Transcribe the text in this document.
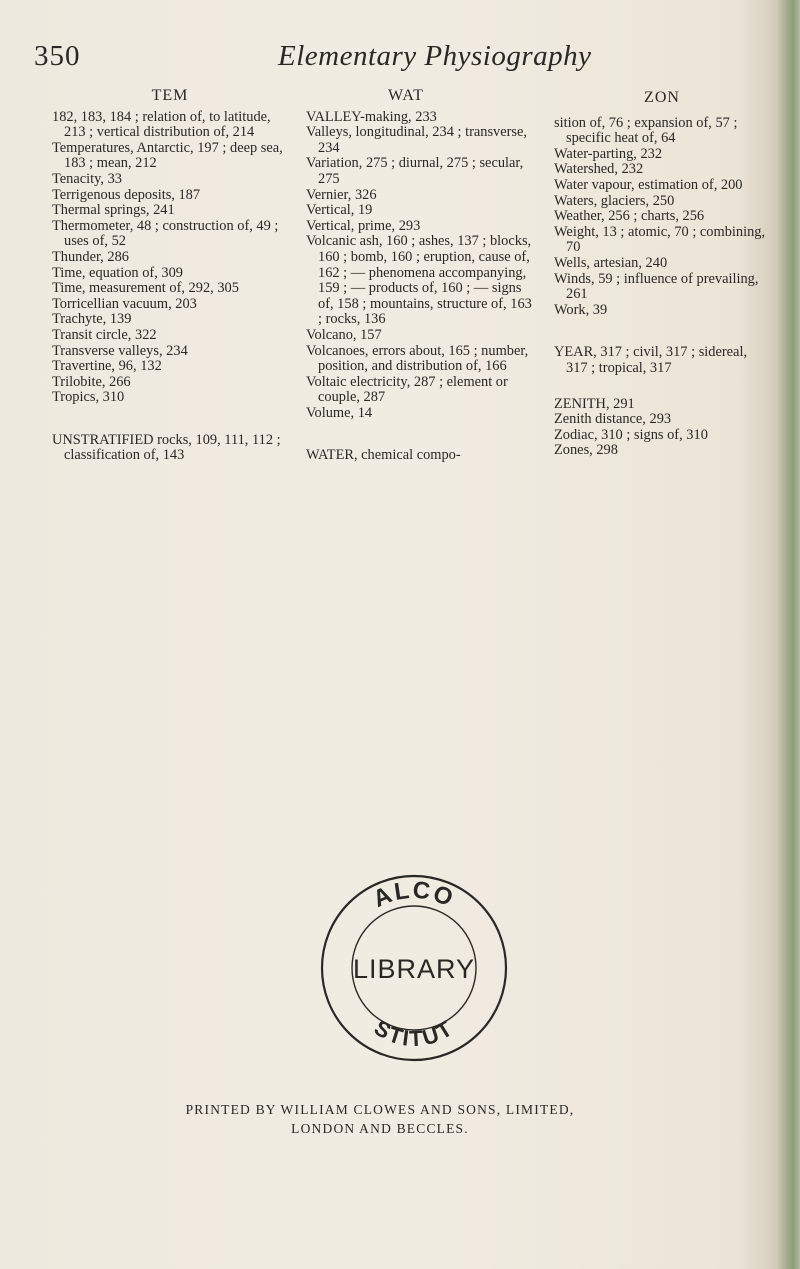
350	Elementary Physiography
TEM

182, 183, 184 ; relation of, to latitude, 213 ; vertical distribution of, 214

Temperatures, Antarctic, 197 ; deep sea, 183 ; mean, 212

Tenacity, 33

Terrigenous deposits, 187

Thermal springs, 241

Thermometer, 48 ; construction of, 49 ; uses of, 52

Thunder, 286

Time, equation of, 309

Time, measurement of, 292, 305

Torricellian vacuum, 203

Trachyte, 139

Transit circle, 322

Transverse valleys, 234

Travertine, 96, 132

Trilobite, 266

Tropics, 310

UNSTRATIFIED rocks, 109, 111, 112 ; classification of, 143

WAT

VALLEY-making, 233

Valleys, longitudinal, 234 ; transverse, 234

Variation, 275 ; diurnal, 275 ; secular, 275

Vernier, 326

Vertical, 19

Vertical, prime, 293

Volcanic ash, 160 ; ashes, 137 ; blocks, 160 ; bomb, 160 ; eruption, cause of, 162 ; — phenomena accompanying, 159 ; — products of, 160 ; — signs of, 158 ; mountains, structure of, 163 ; rocks, 136

Volcano, 157

Volcanoes, errors about, 165 ; number, position, and distribution of, 166

Voltaic electricity, 287 ; element or couple, 287

Volume, 14

WATER, chemical compo-

ZON

sition of, 76 ; expansion of, 57 ; specific heat of, 64

Water-parting, 232

Watershed, 232

Water vapour, estimation of, 200

Waters, glaciers, 250

Weather, 256 ; charts, 256

Weight, 13 ; atomic, 70 ; combining, 70

Wells, artesian, 240

Winds, 59 ; influence of prevailing, 261

Work, 39

YEAR, 317 ; civil, 317 ; sidereal, 317 ; tropical, 317

ZENITH, 291

Zenith distance, 293

Zodiac, 310 ; signs of, 310

Zones, 298

ALCO
STITUT
LIBRARY
PRINTED BY WILLIAM CLOWES AND SONS, LIMITED,
LONDON AND BECCLES.
